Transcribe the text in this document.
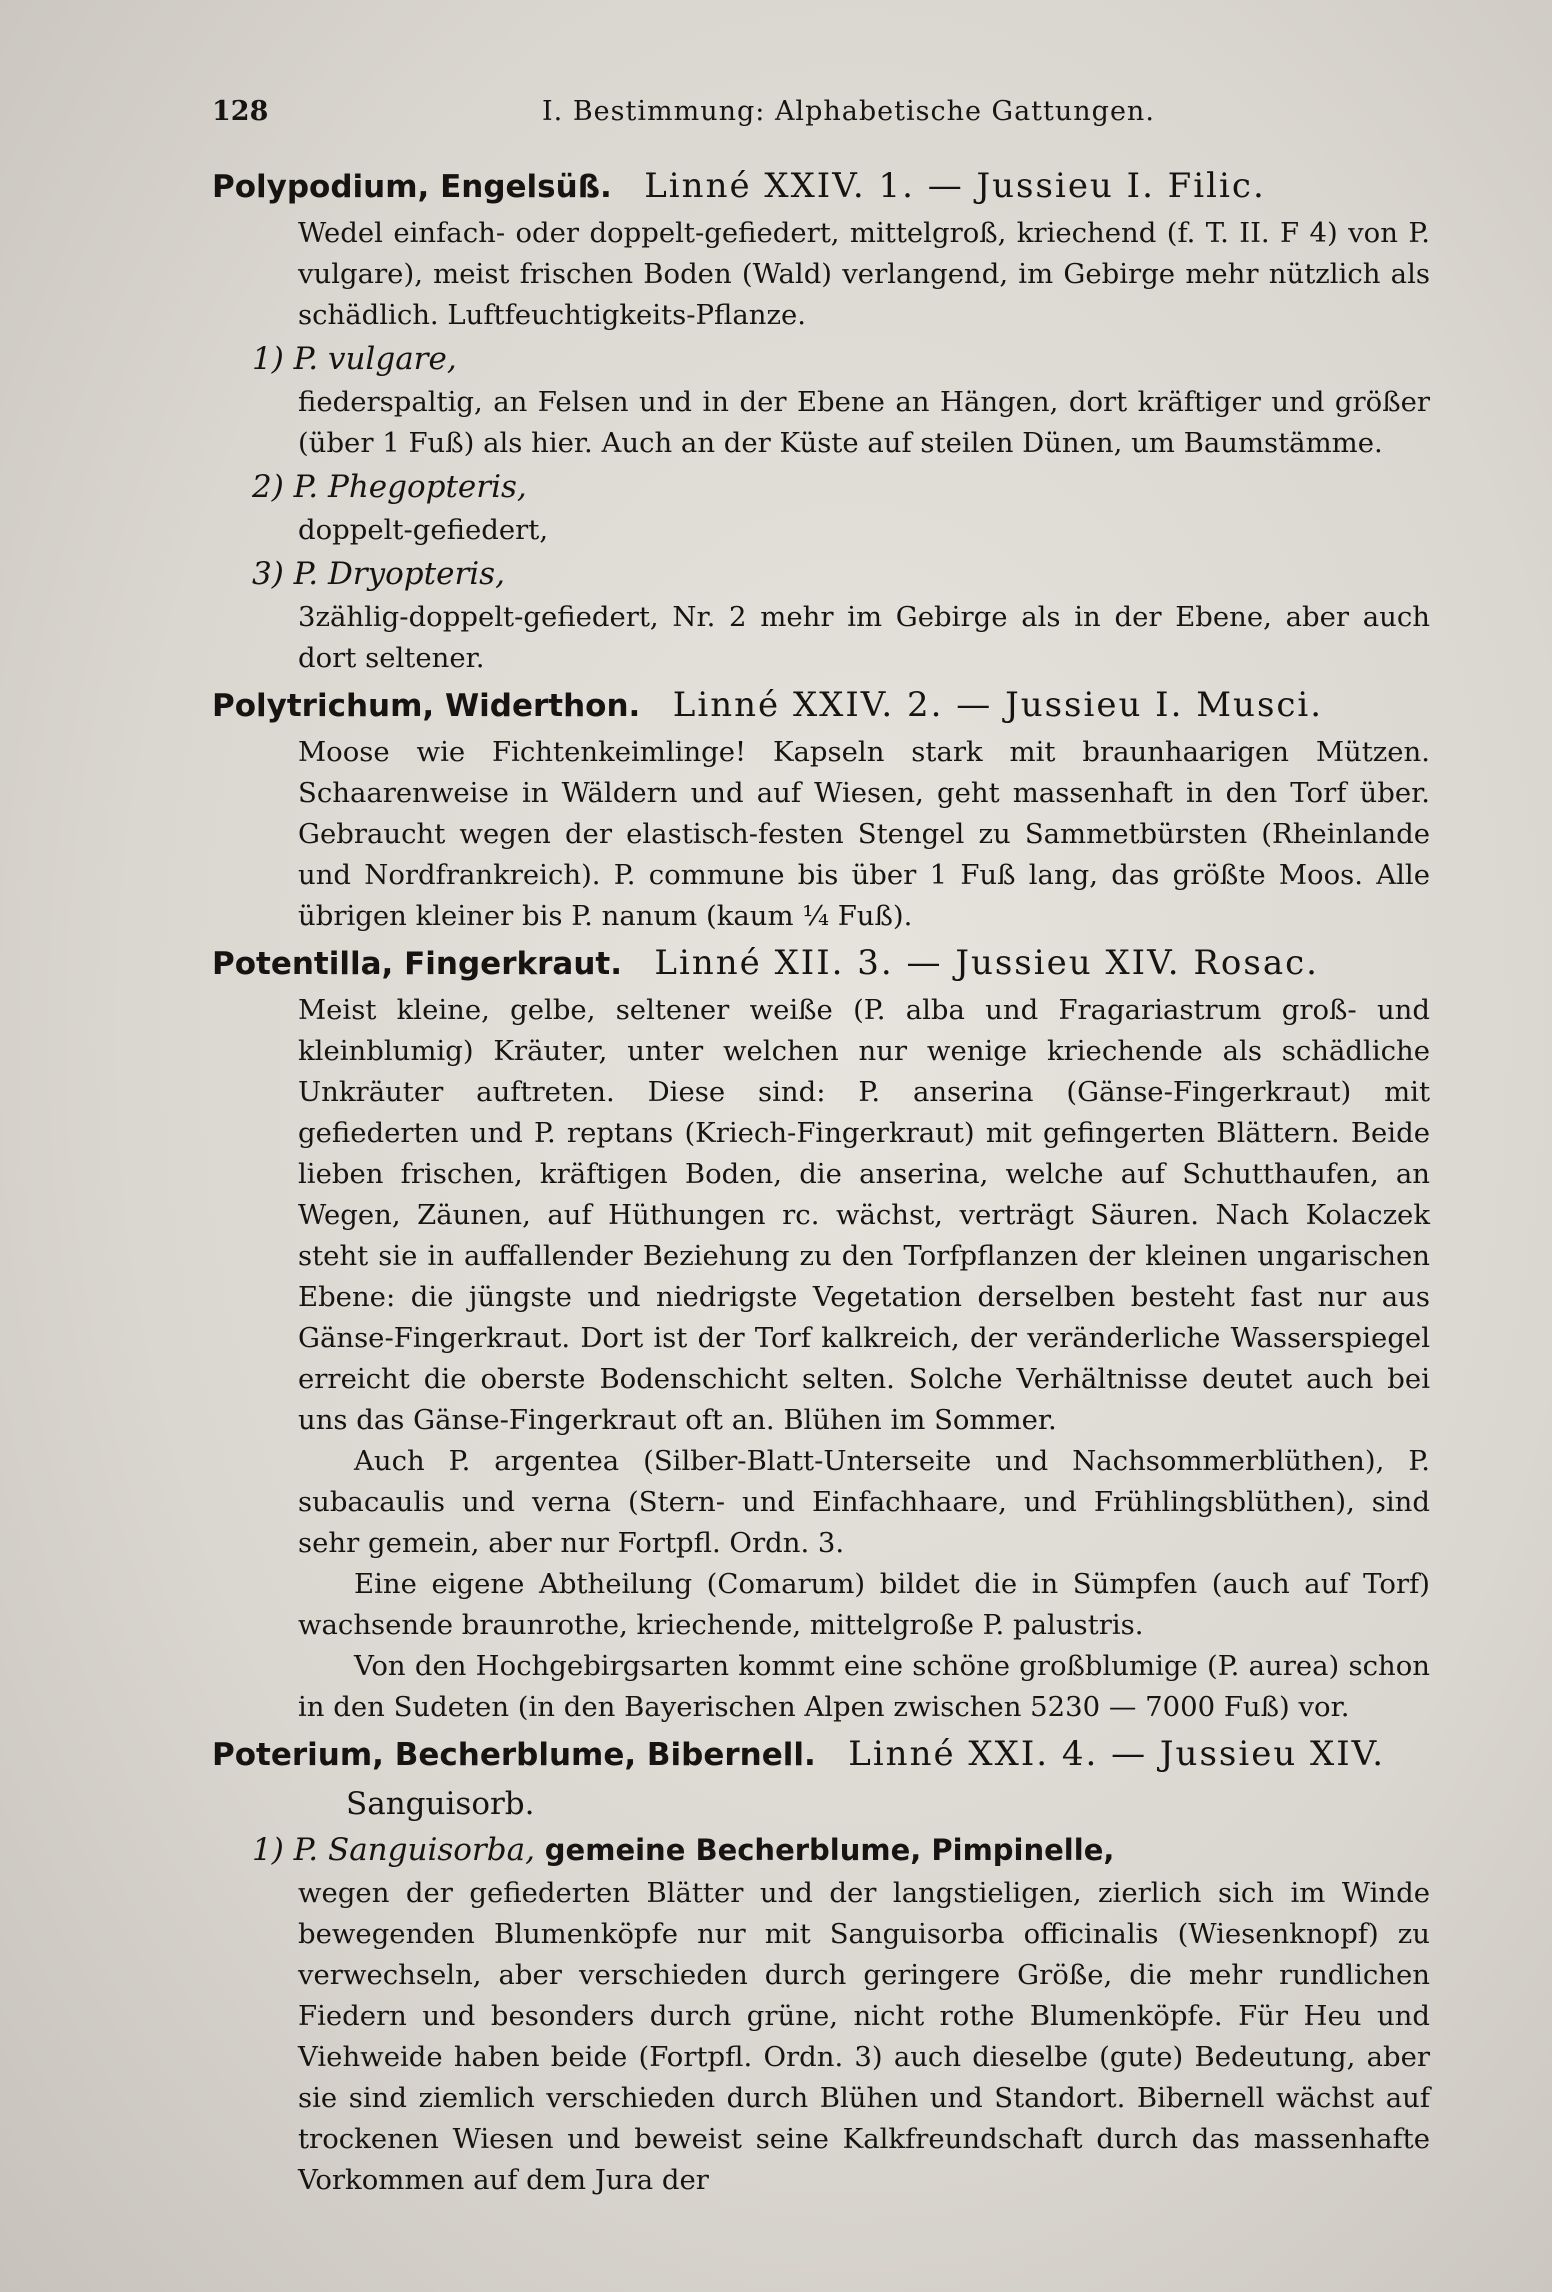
128	I. Bestimmung: Alphabetische Gattungen.
Polypodium, Engelsüß. Linné XXIV. 1. — Jussieu I. Filic.

Wedel einfach- oder doppelt-gefiedert, mittelgroß, kriechend (f. T. II. F 4) von P. vulgare), meist frischen Boden (Wald) verlangend, im Gebirge mehr nützlich als schädlich. Luftfeuchtigkeits-Pflanze.

1) P. vulgare,
fiederspaltig, an Felsen und in der Ebene an Hängen, dort kräftiger und größer (über 1 Fuß) als hier. Auch an der Küste auf steilen Dünen, um Baumstämme.
2) P. Phegopteris,
doppelt-gefiedert,
3) P. Dryopteris,
3zählig-doppelt-gefiedert, Nr. 2 mehr im Gebirge als in der Ebene, aber auch dort seltener.
Polytrichum, Widerthon. Linné XXIV. 2. — Jussieu I. Musci.

Moose wie Fichtenkeimlinge! Kapseln stark mit braunhaarigen Mützen. Schaarenweise in Wäldern und auf Wiesen, geht massenhaft in den Torf über. Gebraucht wegen der elastisch-festen Stengel zu Sammetbürsten (Rheinlande und Nordfrankreich). P. commune bis über 1 Fuß lang, das größte Moos. Alle übrigen kleiner bis P. nanum (kaum ¼ Fuß).

Potentilla, Fingerkraut. Linné XII. 3. — Jussieu XIV. Rosac.

Meist kleine, gelbe, seltener weiße (P. alba und Fragariastrum groß- und kleinblumig) Kräuter, unter welchen nur wenige kriechende als schädliche Unkräuter auftreten. Diese sind: P. anserina (Gänse-Fingerkraut) mit gefiederten und P. reptans (Kriech-Fingerkraut) mit gefingerten Blättern. Beide lieben frischen, kräftigen Boden, die anserina, welche auf Schutthaufen, an Wegen, Zäunen, auf Hüthungen rc. wächst, verträgt Säuren. Nach Kolaczek steht sie in auffallender Beziehung zu den Torfpflanzen der kleinen ungarischen Ebene: die jüngste und niedrigste Vegetation derselben besteht fast nur aus Gänse-Fingerkraut. Dort ist der Torf kalkreich, der veränderliche Wasserspiegel erreicht die oberste Bodenschicht selten. Solche Verhältnisse deutet auch bei uns das Gänse-Fingerkraut oft an. Blühen im Sommer.

Auch P. argentea (Silber-Blatt-Unterseite und Nachsommerblüthen), P. subacaulis und verna (Stern- und Einfachhaare, und Frühlingsblüthen), sind sehr gemein, aber nur Fortpfl. Ordn. 3.

Eine eigene Abtheilung (Comarum) bildet die in Sümpfen (auch auf Torf) wachsende braunrothe, kriechende, mittelgroße P. palustris.

Von den Hochgebirgsarten kommt eine schöne großblumige (P. aurea) schon in den Sudeten (in den Bayerischen Alpen zwischen 5230 — 7000 Fuß) vor.

Poterium, Becherblume, Bibernell. Linné XXI. 4. — Jussieu XIV.
Sanguisorb.
1) P. Sanguisorba, gemeine Becherblume, Pimpinelle,
wegen der gefiederten Blätter und der langstieligen, zierlich sich im Winde bewegenden Blumenköpfe nur mit Sanguisorba officinalis (Wiesenknopf) zu verwechseln, aber verschieden durch geringere Größe, die mehr rundlichen Fiedern und besonders durch grüne, nicht rothe Blumenköpfe. Für Heu und Viehweide haben beide (Fortpfl. Ordn. 3) auch dieselbe (gute) Bedeutung, aber sie sind ziemlich verschieden durch Blühen und Standort. Bibernell wächst auf trockenen Wiesen und beweist seine Kalkfreundschaft durch das massenhafte Vorkommen auf dem Jura der
